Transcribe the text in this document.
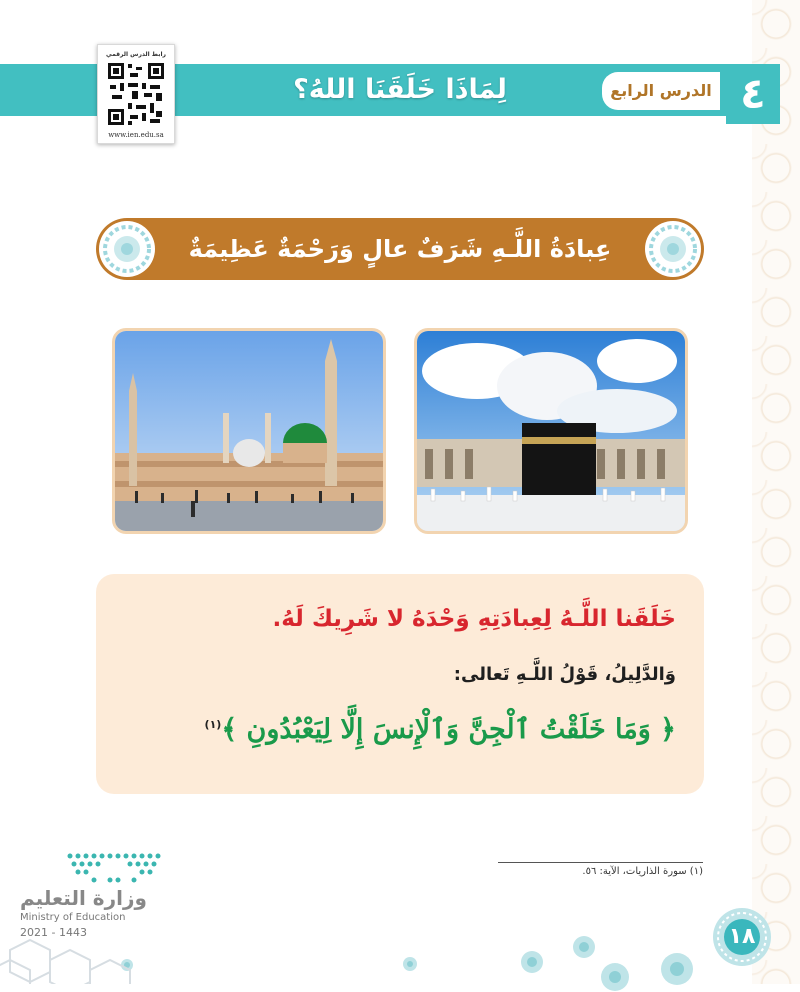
لِمَاذَا خَلَقَنَا اللهُ؟	الدرس الرابع ٤
رابط الدرس الرقمي
www.ien.edu.sa
عِبادَةُ اللَّـهِ شَرَفٌ عالٍ وَرَحْمَةٌ عَظِيمَةٌ
خَلَقَنا اللَّـهُ لِعِبادَتِهِ وَحْدَهُ لا شَرِيكَ لَهُ.
وَالدَّلِيلُ، قَوْلُ اللَّـهِ تَعالى:
﴿ وَمَا خَلَقْتُ ٱلْجِنَّ وَٱلْإِنسَ إِلَّا لِيَعْبُدُونِ ﴾$^{(١)}$
(١) سورة الذاريات، الآية: ٥٦.
١٨
وزارة التعليم
Ministry of Education
2021 - 1443
